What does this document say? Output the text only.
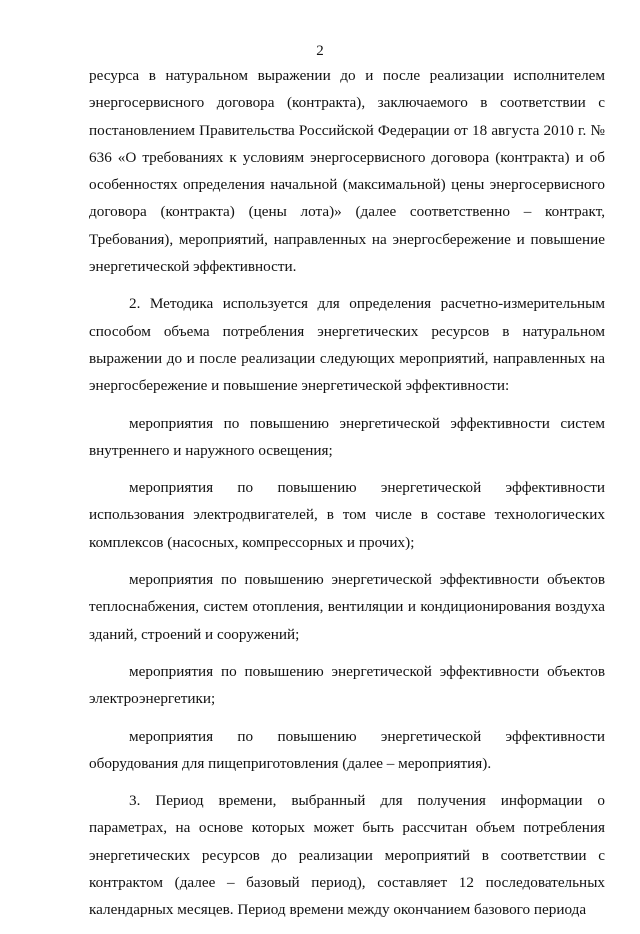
2

ресурса в натуральном выражении до и после реализации исполнителем энергосервисного договора (контракта), заключаемого в соответствии с постановлением Правительства Российской Федерации от 18 августа 2010 г. № 636 «О требованиях к условиям энергосервисного договора (контракта) и об особенностях определения начальной (максимальной) цены энергосервисного договора (контракта) (цены лота)» (далее соответственно – контракт, Требования), мероприятий, направленных на энергосбережение и повышение энергетической эффективности.

2. Методика используется для определения расчетно-измерительным способом объема потребления энергетических ресурсов в натуральном выражении до и после реализации следующих мероприятий, направленных на энергосбережение и повышение энергетической эффективности:

мероприятия по повышению энергетической эффективности систем внутреннего и наружного освещения;

мероприятия по повышению энергетической эффективности использования электродвигателей, в том числе в составе технологических комплексов (насосных, компрессорных и прочих);

мероприятия по повышению энергетической эффективности объектов теплоснабжения, систем отопления, вентиляции и кондиционирования воздуха зданий, строений и сооружений;

мероприятия по повышению энергетической эффективности объектов электроэнергетики;

мероприятия по повышению энергетической эффективности оборудования для пищеприготовления (далее – мероприятия).

3. Период времени, выбранный для получения информации о параметрах, на основе которых может быть рассчитан объем потребления энергетических ресурсов до реализации мероприятий в соответствии с контрактом (далее – базовый период), составляет 12 последовательных календарных месяцев. Период времени между окончанием базового периода
